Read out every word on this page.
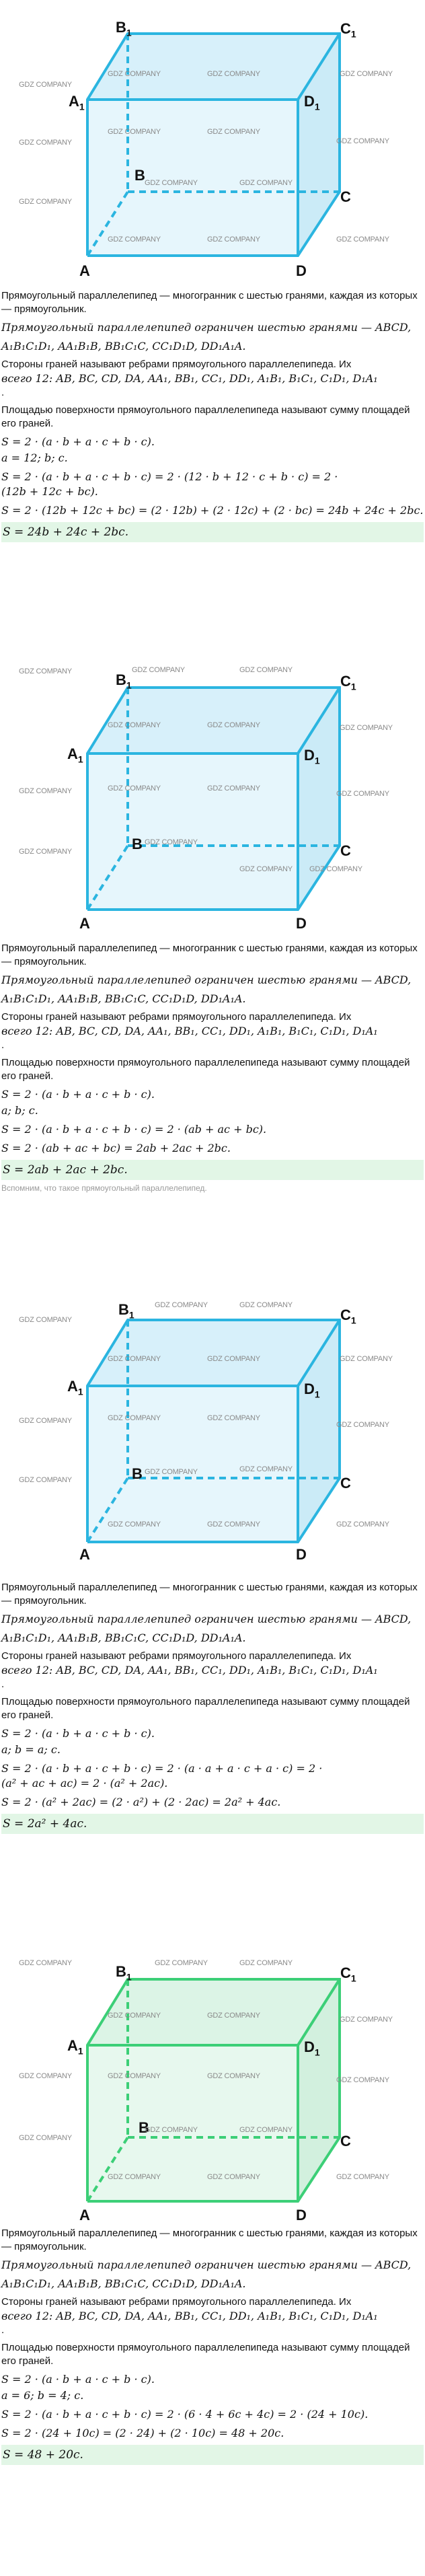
$B_1$	$C_1$
$A_1$	$D_1$
B
C
A	D
GDZ COMPANY
GDZ COMPANY	GDZ COMPANY	GDZ COMPANY
GDZ COMPANY
GDZ COMPANY	GDZ COMPANY
GDZ COMPANY
GDZ COMPANY	GDZ COMPANY
GDZ COMPANY
GDZ COMPANY	GDZ COMPANY	GDZ COMPANY

Прямоугольный параллелепипед — многогранник с шестью гранями, каждая из которых — прямоугольник.

Прямоугольный параллелепипед ограничен шестью гранями — ABCD,

A₁B₁C₁D₁, AA₁B₁B, BB₁C₁C, CC₁D₁D, DD₁A₁A.

Стороны граней называют ребрами прямоугольного параллелепипеда. Их

всего 12: AB, BC, CD, DA, AA₁, BB₁, CC₁, DD₁, A₁B₁, B₁C₁, C₁D₁, D₁A₁

.

Площадью поверхности прямоугольного параллелепипеда называют сумму площадей его граней.

S = 2 · (a · b + a · c + b · c).

a = 12; b; c.

S = 2 · (a · b + a · c + b · c) = 2 · (12 · b + 12 · c + b · c) = 2 ·

(12b + 12c + bc).

S = 2 · (12b + 12c + bc) = (2 · 12b) + (2 · 12c) + (2 · bc) = 24b + 24c + 2bc.

S = 24b + 24c + 2bc.
$B_1$	$C_1$
$A_1$	$D_1$
B	C
A	D
GDZ COMPANY	GDZ COMPANY	GDZ COMPANY
GDZ COMPANY	GDZ COMPANY	GDZ COMPANY
GDZ COMPANY	GDZ COMPANY	GDZ COMPANY
GDZ COMPANY
GDZ COMPANY
GDZ COMPANY GDZ COMPANY
GDZ COMPANY

Прямоугольный параллелепипед — многогранник с шестью гранями, каждая из которых — прямоугольник.

Прямоугольный параллелепипед ограничен шестью гранями — ABCD,

A₁B₁C₁D₁, AA₁B₁B, BB₁C₁C, CC₁D₁D, DD₁A₁A.

Стороны граней называют ребрами прямоугольного параллелепипеда. Их

всего 12: AB, BC, CD, DA, AA₁, BB₁, CC₁, DD₁, A₁B₁, B₁C₁, C₁D₁, D₁A₁

.

Площадью поверхности прямоугольного параллелепипеда называют сумму площадей его граней.

S = 2 · (a · b + a · c + b · c).

a; b; c.

S = 2 · (a · b + a · c + b · c) = 2 · (ab + ac + bc).

S = 2 · (ab + ac + bc) = 2ab + 2ac + 2bc.

S = 2ab + 2ac + 2bc.
Вспомним, что такое прямоугольный параллелепипед.
$B_1$	$C_1$
$A_1$	$D_1$
B
C
A	D
GDZ COMPANY
GDZ COMPANY	GDZ COMPANY
GDZ COMPANY	GDZ COMPANY	GDZ COMPANY
GDZ COMPANY	GDZ COMPANY	GDZ COMPANY
GDZ COMPANY
GDZ COMPANY	GDZ COMPANY
GDZ COMPANY
GDZ COMPANY	GDZ COMPANY	GDZ COMPANY

Прямоугольный параллелепипед — многогранник с шестью гранями, каждая из которых — прямоугольник.

Прямоугольный параллелепипед ограничен шестью гранями — ABCD,

A₁B₁C₁D₁, AA₁B₁B, BB₁C₁C, CC₁D₁D, DD₁A₁A.

Стороны граней называют ребрами прямоугольного параллелепипеда. Их

всего 12: AB, BC, CD, DA, AA₁, BB₁, CC₁, DD₁, A₁B₁, B₁C₁, C₁D₁, D₁A₁

.

Площадью поверхности прямоугольного параллелепипеда называют сумму площадей его граней.

S = 2 · (a · b + a · c + b · c).

a; b = a; c.

S = 2 · (a · b + a · c + b · c) = 2 · (a · a + a · c + a · c) = 2 ·

(a² + ac + ac) = 2 · (a² + 2ac).

S = 2 · (a² + 2ac) = (2 · a²) + (2 · 2ac) = 2a² + 4ac.

S = 2a² + 4ac.
$B_1$	$C_1$
$A_1$	$D_1$
B
C
A	D
GDZ COMPANY	GDZ COMPANY	GDZ COMPANY
GDZ COMPANY	GDZ COMPANY	GDZ COMPANY
GDZ COMPANY	GDZ COMPANY	GDZ COMPANY	GDZ COMPANY
GDZ COMPANY	GDZ COMPANY
GDZ COMPANY
GDZ COMPANY	GDZ COMPANY	GDZ COMPANY

Прямоугольный параллелепипед — многогранник с шестью гранями, каждая из которых — прямоугольник.

Прямоугольный параллелепипед ограничен шестью гранями — ABCD,

A₁B₁C₁D₁, AA₁B₁B, BB₁C₁C, CC₁D₁D, DD₁A₁A.

Стороны граней называют ребрами прямоугольного параллелепипеда. Их

всего 12: AB, BC, CD, DA, AA₁, BB₁, CC₁, DD₁, A₁B₁, B₁C₁, C₁D₁, D₁A₁

.

Площадью поверхности прямоугольного параллелепипеда называют сумму площадей его граней.

S = 2 · (a · b + a · c + b · c).

a = 6; b = 4; c.

S = 2 · (a · b + a · c + b · c) = 2 · (6 · 4 + 6c + 4c) = 2 · (24 + 10c).

S = 2 · (24 + 10c) = (2 · 24) + (2 · 10c) = 48 + 20c.

S = 48 + 20c.
